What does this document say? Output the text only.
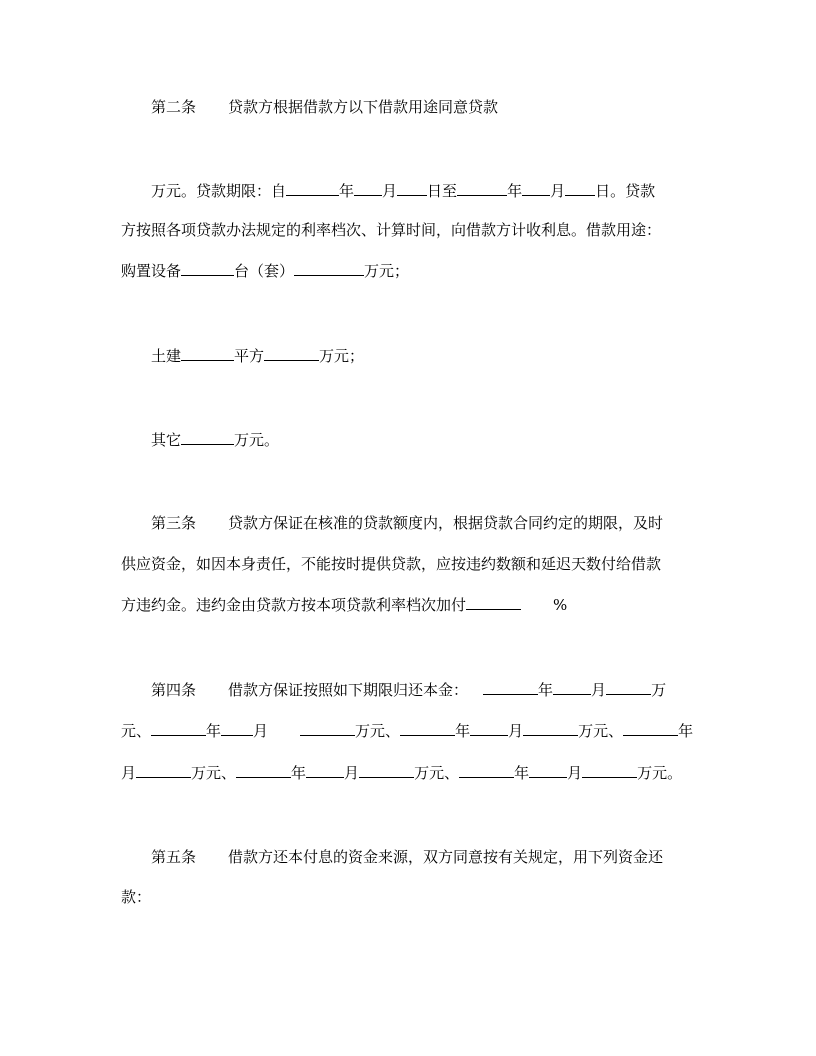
第二条 贷款方根据借款方以下借款用途同意贷款
万元。贷款期限：自	年 月 日至	年 月 日。贷款
方按照各项贷款办法规定的利率档次、计算时间，向借款方计收利息。借款用途：
购置设备	台（套）	万元；
土建	平方	万元；
其它	万元。
第三条 贷款方保证在核准的贷款额度内，根据贷款合同约定的期限，及时
供应资金，如因本身责任，不能按时提供贷款，应按违约数额和延迟天数付给借款
方违约金。违约金由贷款方按本项贷款利率档次加付	%
第四条 借款方保证按照如下期限归还本金：	年	月	万
元、	年 月	万元、	年	月	万元、	年
月	万元、	年	月	万元、	年	月	万元。
第五条 借款方还本付息的资金来源，双方同意按有关规定，用下列资金还
款：
